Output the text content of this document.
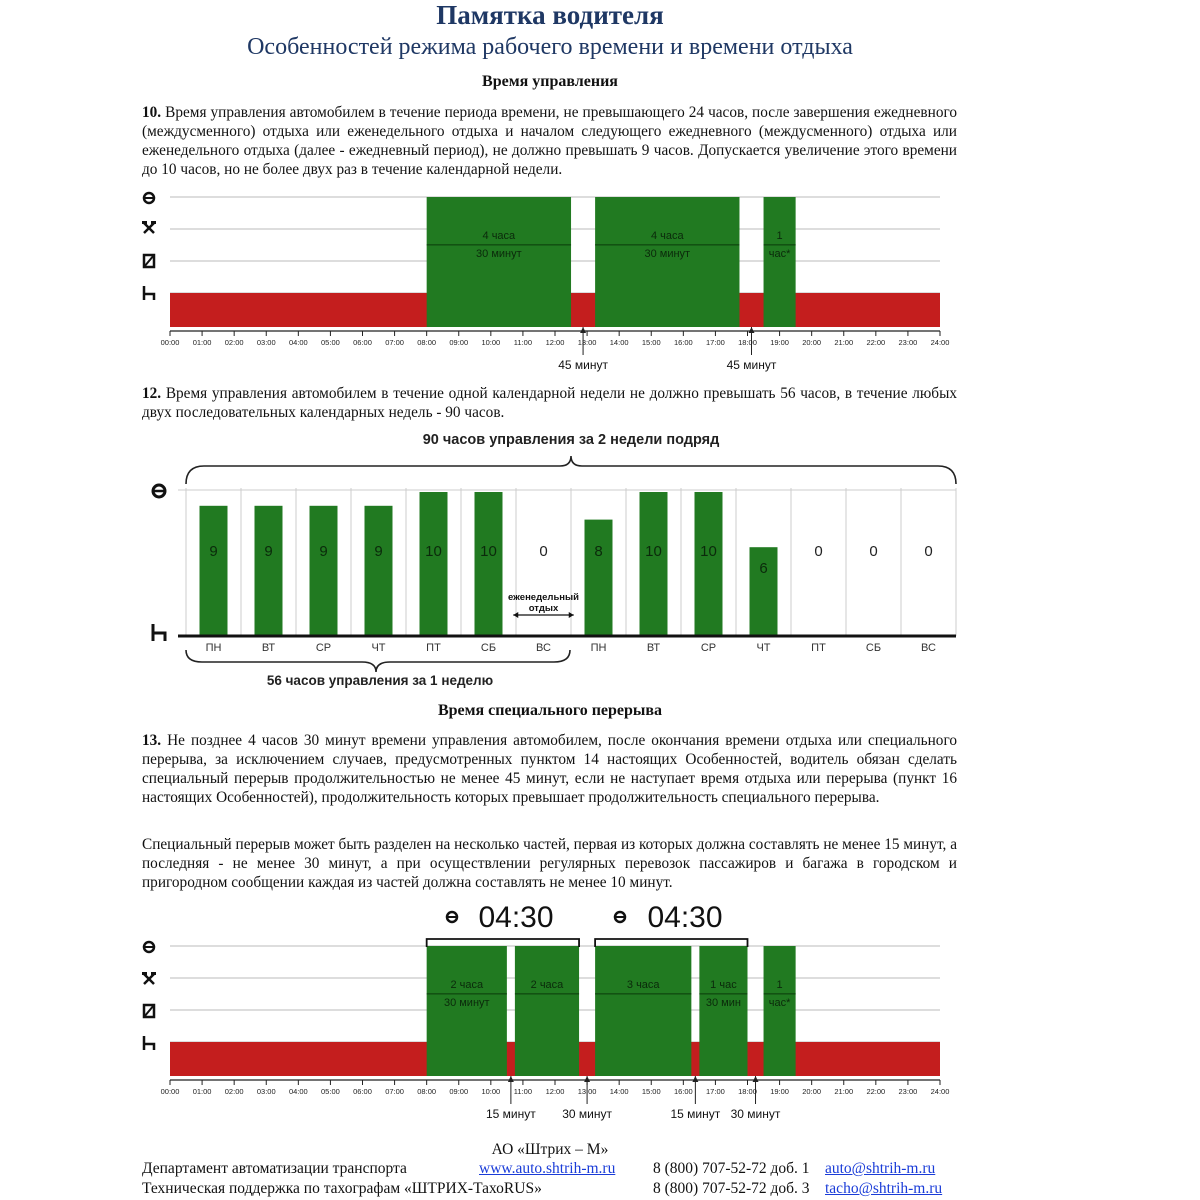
Памятка водителя
Особенностей режима рабочего времени и времени отдыха
Время управления
10. Время управления автомобилем в течение периода времени, не превышающего 24 часов, после завершения ежедневного (междусменного) отдыха или еженедельного отдыха и началом следующего ежедневного (междусменного) отдыха или еженедельного отдыха (далее - ежедневный период), не должно превышать 9 часов. Допускается увеличение этого времени до 10 часов, но не более двух раз в течение календарной недели.
4 часа
30 минут
4 часа
30 минут
1
час*
00:00 01:00 02:00 03:00 04:00 05:00 06:00 07:00 08:00 09:00 10:00 11:00 12:00 13:00 14:00 15:00 16:00 17:00 18:00 19:00 20:00 21:00 22:00 23:00 24:00
45 минут	45 минут
12. Время управления автомобилем в течение одной календарной недели не должно превышать 56 часов, в течение любых двух последовательных календарных недель - 90 часов.
90 часов управления за 2 недели подряд
9
ПН
9
ВТ
9
СР
9
ЧТ
10
ПТ
10
СБ
0
ВС
8
ПН
10
ВТ
10
СР
6
ЧТ
0
ПТ
0
СБ
0
ВС
еженедельный
отдых
56 часов управления за 1 неделю
Время специального перерыва
13. Не позднее 4 часов 30 минут времени управления автомобилем, после окончания времени отдыха или специального перерыва, за исключением случаев, предусмотренных пунктом 14 настоящих Особенностей, водитель обязан сделать специальный перерыв продолжительностью не менее 45 минут, если не наступает время отдыха или перерыва (пункт 16 настоящих Особенностей), продолжительность которых превышает продолжительность специального перерыва.
Специальный перерыв может быть разделен на несколько частей, первая из которых должна составлять не менее 15 минут, а последняя - не менее 30 минут, а при осуществлении регулярных перевозок пассажиров и багажа в городском и пригородном сообщении каждая из частей должна составлять не менее 10 минут.
04:30	04:30
2 часа
30 минут
2 часа	3 часа	1 час
30 мин
1
час*
00:00 01:00 02:00 03:00 04:00 05:00 06:00 07:00 08:00 09:00 10:00 11:00 12:00 13:00 14:00 15:00 16:00 17:00 18:00 19:00 20:00 21:00 22:00 23:00 24:00
15 минут 30 минут	15 минут 30 минут
АО «Штрих – М»
Департамент автоматизации транспорта	www.auto.shtrih-m.ru 8 (800) 707-52-72 доб. 1 auto@shtrih-m.ru
Техническая поддержка по тахографам «ШТРИХ-ТахоRUS»	8 (800) 707-52-72 доб. 3 tacho@shtrih-m.ru
